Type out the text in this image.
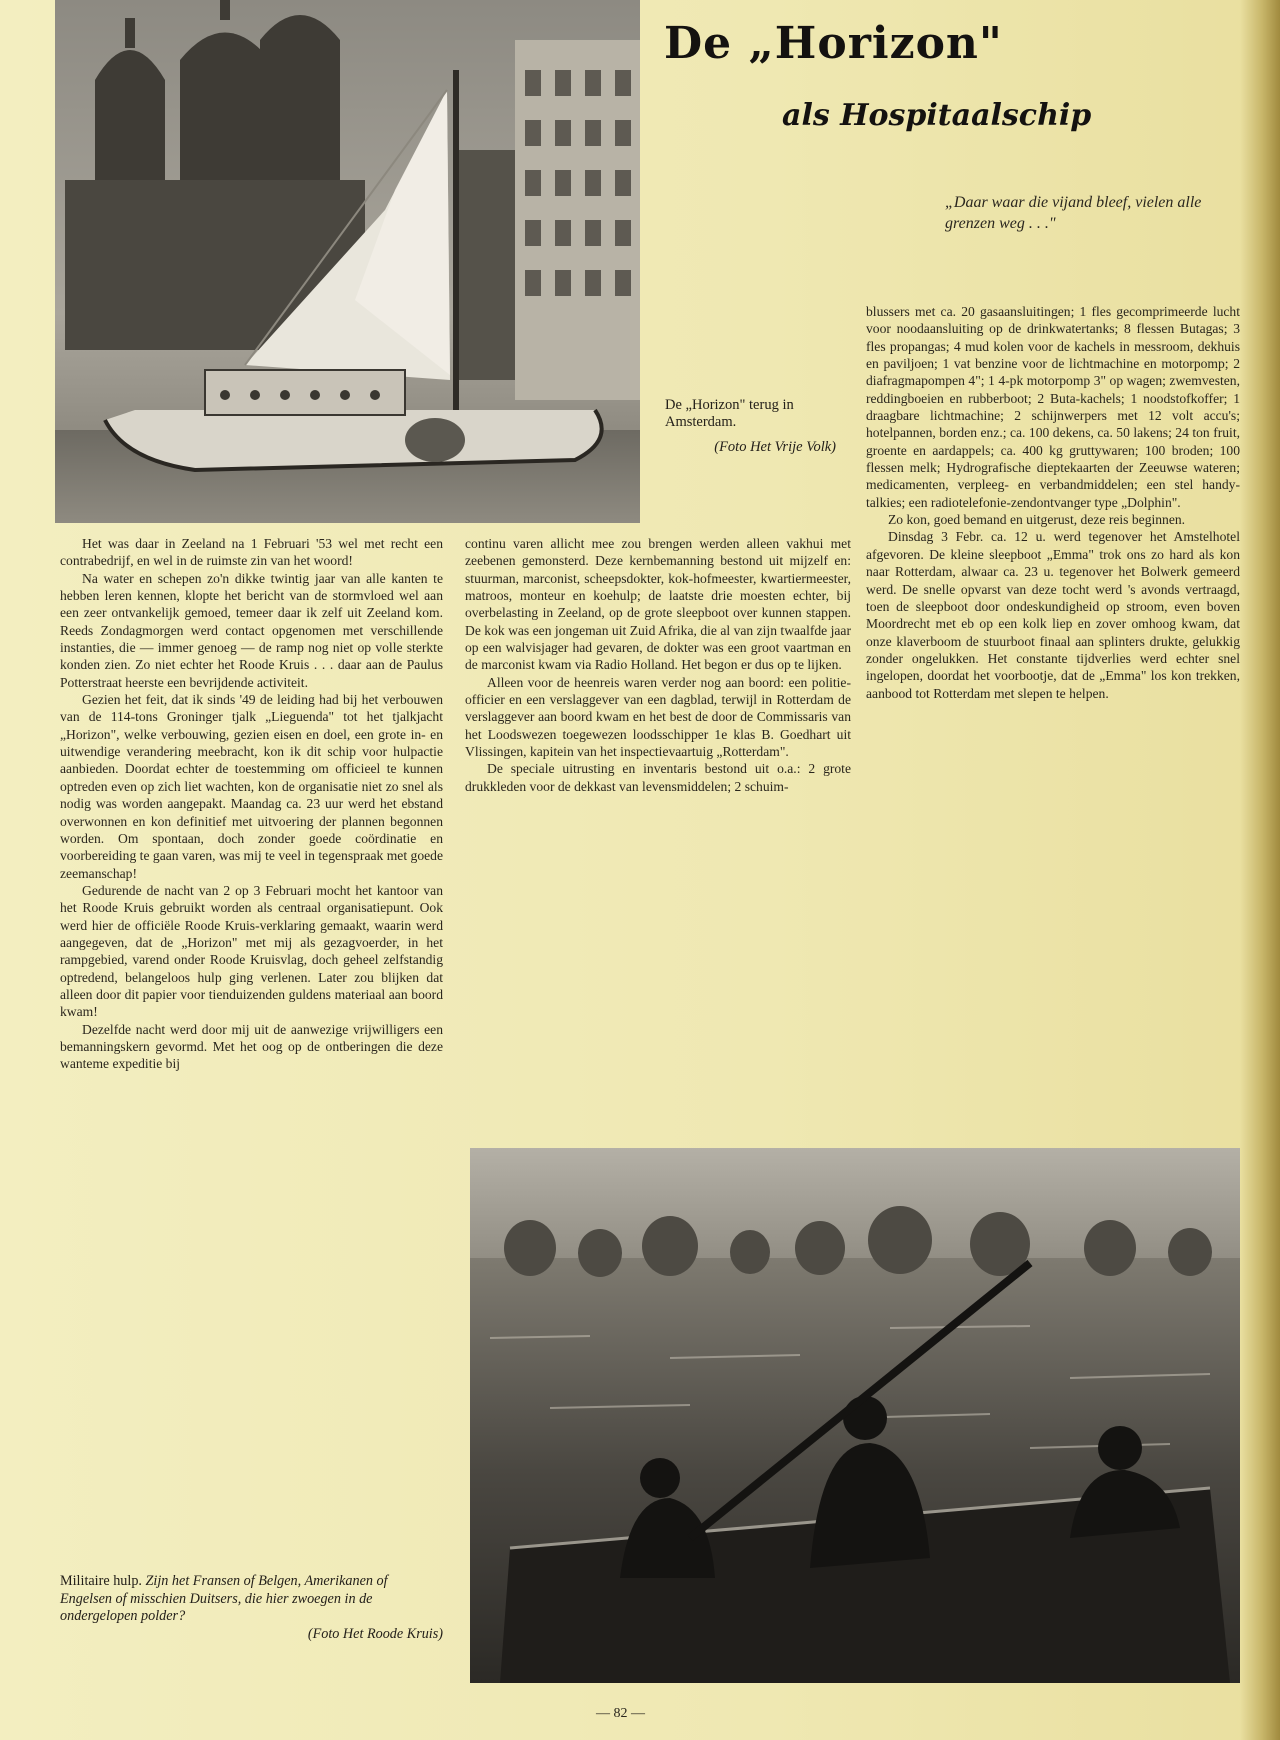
De „Horizon"
als Hospitaalschip
„Daar waar die vijand bleef, vielen alle grenzen weg . . ."
De „Horizon" terug in Amsterdam.
(Foto Het Vrije Volk)

Het was daar in Zeeland na 1 Februari '53 wel met recht een contrabedrijf, en wel in de ruimste zin van het woord!

Na water en schepen zo'n dikke twintig jaar van alle kanten te hebben leren kennen, klopte het bericht van de stormvloed wel aan een zeer ontvankelijk gemoed, temeer daar ik zelf uit Zeeland kom. Reeds Zondagmorgen werd contact opgenomen met verschillende instanties, die — immer genoeg — de ramp nog niet op volle sterkte konden zien. Zo niet echter het Roode Kruis . . . daar aan de Paulus Potterstraat heerste een bevrijdende activiteit.

Gezien het feit, dat ik sinds '49 de leiding had bij het verbouwen van de 114-tons Groninger tjalk „Lieguenda" tot het tjalkjacht „Horizon", welke verbouwing, gezien eisen en doel, een grote in- en uitwendige verandering meebracht, kon ik dit schip voor hulpactie aanbieden. Doordat echter de toestemming om officieel te kunnen optreden even op zich liet wachten, kon de organisatie niet zo snel als nodig was worden aangepakt. Maandag ca. 23 uur werd het ebstand overwonnen en kon definitief met uitvoering der plannen begonnen worden. Om spontaan, doch zonder goede coördinatie en voorbereiding te gaan varen, was mij te veel in tegenspraak met goede zeemanschap!

Gedurende de nacht van 2 op 3 Februari mocht het kantoor van het Roode Kruis gebruikt worden als centraal organisatiepunt. Ook werd hier de officiële Roode Kruis-verklaring gemaakt, waarin werd aangegeven, dat de „Horizon" met mij als gezagvoerder, in het rampgebied, varend onder Roode Kruisvlag, doch geheel zelfstandig optredend, belangeloos hulp ging verlenen. Later zou blijken dat alleen door dit papier voor tienduizenden guldens materiaal aan boord kwam!

Dezelfde nacht werd door mij uit de aanwezige vrijwilligers een bemanningskern gevormd. Met het oog op de ontberingen die deze wanteme expeditie bij

continu varen allicht mee zou brengen werden alleen vakhui met zeebenen gemonsterd. Deze kernbemanning bestond uit mijzelf en: stuurman, marconist, scheepsdokter, kok-hofmeester, kwartiermeester, matroos, monteur en koehulp; de laatste drie moesten echter, bij overbelasting in Zeeland, op de grote sleepboot over kunnen stappen. De kok was een jongeman uit Zuid Afrika, die al van zijn twaalfde jaar op een walvisjager had gevaren, de dokter was een groot vaartman en de marconist kwam via Radio Holland. Het begon er dus op te lijken.

Alleen voor de heenreis waren verder nog aan boord: een politie-officier en een verslaggever van een dagblad, terwijl in Rotterdam de verslaggever aan boord kwam en het best de door de Commissaris van het Loodswezen toegewezen loodsschipper 1e klas B. Goedhart uit Vlissingen, kapitein van het inspectievaartuig „Rotterdam".

De speciale uitrusting en inventaris bestond uit o.a.: 2 grote drukkleden voor de dekkast van levensmiddelen; 2 schuim-

blussers met ca. 20 gasaansluitingen; 1 fles gecomprimeerde lucht voor noodaansluiting op de drinkwatertanks; 8 flessen Butagas; 3 fles propangas; 4 mud kolen voor de kachels in messroom, dekhuis en paviljoen; 1 vat benzine voor de lichtmachine en motorpomp; 2 diafragmapompen 4"; 1 4-pk motorpomp 3" op wagen; zwemvesten, reddingboeien en rubberboot; 2 Buta-kachels; 1 noodstofkoffer; 1 draagbare lichtmachine; 2 schijnwerpers met 12 volt accu's; hotelpannen, borden enz.; ca. 100 dekens, ca. 50 lakens; 24 ton fruit, groente en aardappels; ca. 400 kg gruttywaren; 100 broden; 100 flessen melk; Hydrografische dieptekaarten der Zeeuwse wateren; medicamenten, verpleeg- en verbandmiddelen; een stel handy-talkies; een radiotelefonie-zendontvanger type „Dolphin".

Zo kon, goed bemand en uitgerust, deze reis beginnen.

Dinsdag 3 Febr. ca. 12 u. werd tegenover het Amstelhotel afgevoren. De kleine sleepboot „Emma" trok ons zo hard als kon naar Rotterdam, alwaar ca. 23 u. tegenover het Bolwerk gemeerd werd. De snelle opvarst van deze tocht werd 's avonds vertraagd, toen de sleepboot door ondeskundigheid op stroom, even boven Moordrecht met eb op een kolk liep en zover omhoog kwam, dat onze klaverboom de stuurboot finaal aan splinters drukte, gelukkig zonder ongelukken. Het constante tijdverlies werd echter snel ingelopen, doordat het voorbootje, dat de „Emma" los kon trekken, aanbood tot Rotterdam met slepen te helpen.

Militaire hulp. Zijn het Fransen of Belgen, Amerikanen of Engelsen of misschien Duitsers, die hier zwoegen in de ondergelopen polder?
(Foto Het Roode Kruis)
— 82 —
